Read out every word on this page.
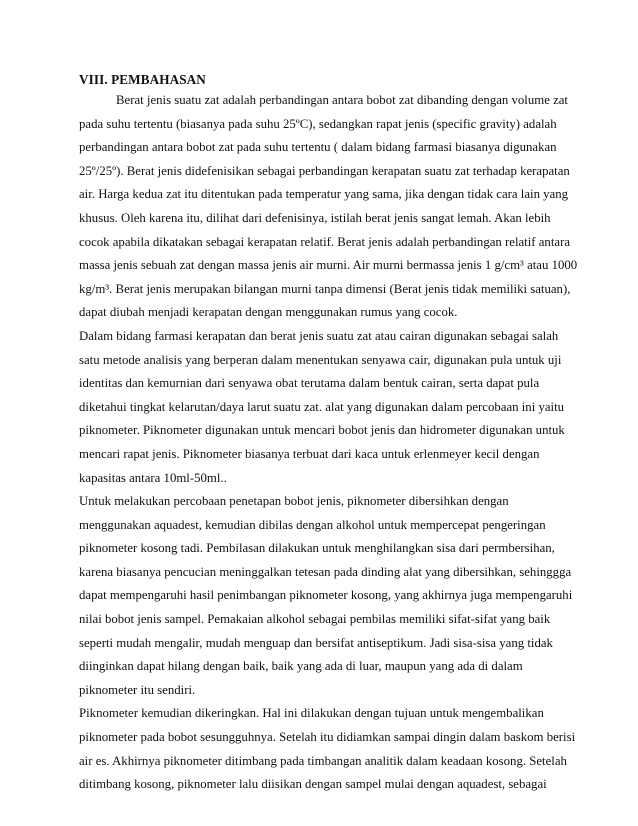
VIII. PEMBAHASAN
Berat jenis suatu zat adalah perbandingan antara bobot zat dibanding dengan volume zat
pada suhu tertentu (biasanya pada suhu 25ºC), sedangkan rapat jenis (specific gravity) adalah
perbandingan antara bobot zat pada suhu tertentu ( dalam bidang farmasi biasanya digunakan
25º/25º). Berat jenis didefenisikan sebagai perbandingan kerapatan suatu zat terhadap kerapatan
air. Harga kedua zat itu ditentukan pada temperatur yang sama, jika dengan tidak cara lain yang
khusus. Oleh karena itu, dilihat dari defenisinya, istilah berat jenis sangat lemah. Akan lebih
cocok apabila dikatakan sebagai kerapatan relatif. Berat jenis adalah perbandingan relatif antara
massa jenis sebuah zat dengan massa jenis air murni. Air murni bermassa jenis 1 g/cm³ atau 1000
kg/m³. Berat jenis merupakan bilangan murni tanpa dimensi (Berat jenis tidak memiliki satuan),
dapat diubah menjadi kerapatan dengan menggunakan rumus yang cocok.
Dalam bidang farmasi kerapatan dan berat jenis suatu zat atau cairan digunakan sebagai salah
satu metode analisis yang berperan dalam menentukan senyawa cair, digunakan pula untuk uji
identitas dan kemurnian dari senyawa obat terutama dalam bentuk cairan, serta dapat pula
diketahui tingkat kelarutan/daya larut suatu zat. alat yang digunakan dalam percobaan ini yaitu
piknometer. Piknometer digunakan untuk mencari bobot jenis dan hidrometer digunakan untuk
mencari rapat jenis. Piknometer biasanya terbuat dari kaca untuk erlenmeyer kecil dengan
kapasitas antara 10ml-50ml..
Untuk melakukan percobaan penetapan bobot jenis, piknometer dibersihkan dengan
menggunakan aquadest, kemudian dibilas dengan alkohol untuk mempercepat pengeringan
piknometer kosong tadi. Pembilasan dilakukan untuk menghilangkan sisa dari permbersihan,
karena biasanya pencucian meninggalkan tetesan pada dinding alat yang dibersihkan, sehinggga
dapat mempengaruhi hasil penimbangan piknometer kosong, yang akhirnya juga mempengaruhi
nilai bobot jenis sampel. Pemakaian alkohol sebagai pembilas memiliki sifat-sifat yang baik
seperti mudah mengalir, mudah menguap dan bersifat antiseptikum. Jadi sisa-sisa yang tidak
diinginkan dapat hilang dengan baik, baik yang ada di luar, maupun yang ada di dalam
piknometer itu sendiri.
Piknometer kemudian dikeringkan. Hal ini dilakukan dengan tujuan untuk mengembalikan
piknometer pada bobot sesungguhnya. Setelah itu didiamkan sampai dingin dalam baskom berisi
air es. Akhirnya piknometer ditimbang pada timbangan analitik dalam keadaan kosong. Setelah
ditimbang kosong, piknometer lalu diisikan dengan sampel mulai dengan aquadest, sebagai
